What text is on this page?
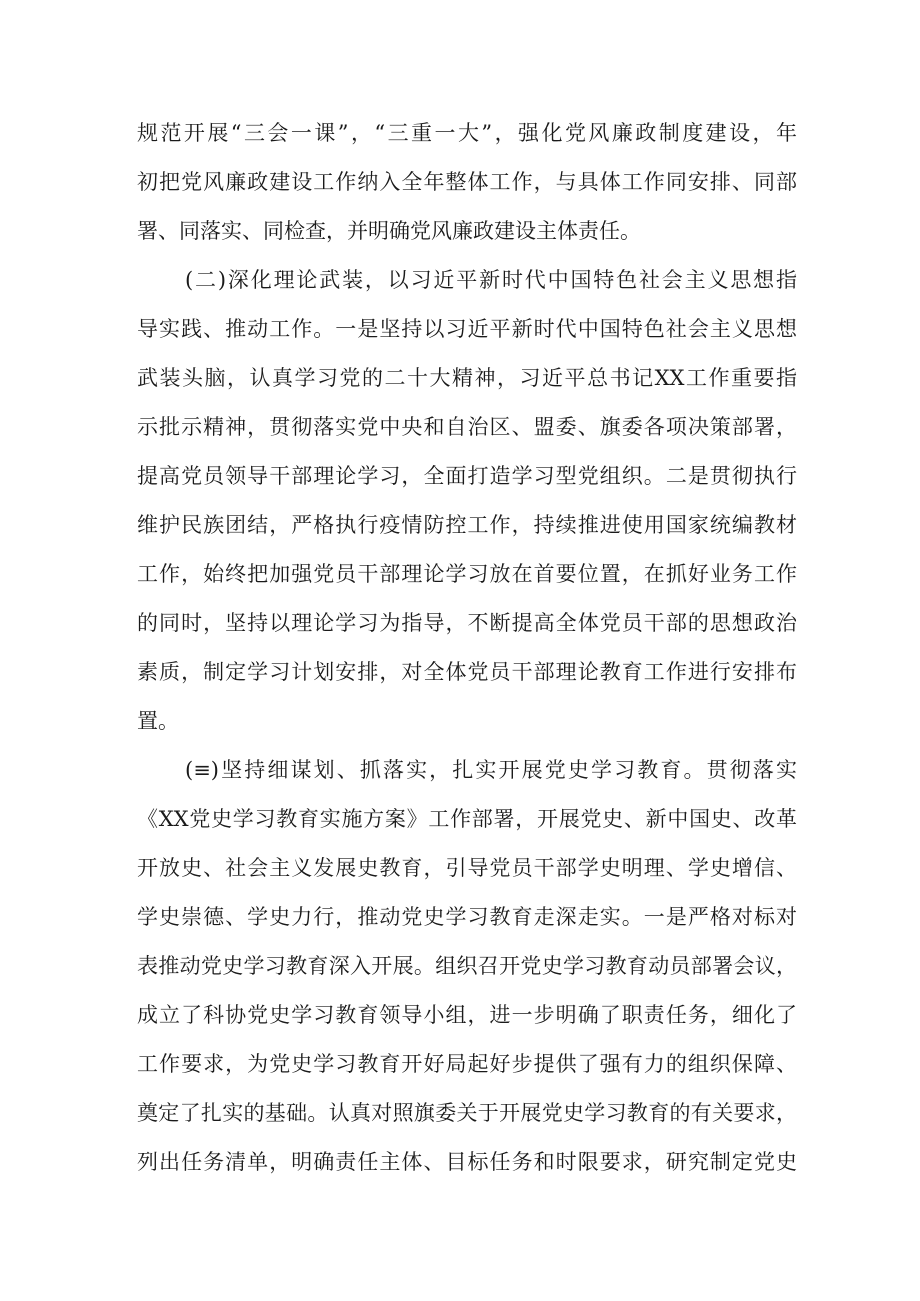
规范开展“三会一课”，“三重一大”，强化党风廉政制度建设，年
初把党风廉政建设工作纳入全年整体工作，与具体工作同安排、同部
署、同落实、同检查，并明确党风廉政建设主体责任。
(二)深化理论武装，以习近平新时代中国特色社会主义思想指
导实践、推动工作。一是坚持以习近平新时代中国特色社会主义思想
武装头脑，认真学习党的二十大精神，习近平总书记XX工作重要指
示批示精神，贯彻落实党中央和自治区、盟委、旗委各项决策部署，
提高党员领导干部理论学习，全面打造学习型党组织。二是贯彻执行
维护民族团结，严格执行疫情防控工作，持续推进使用国家统编教材
工作，始终把加强党员干部理论学习放在首要位置，在抓好业务工作
的同时，坚持以理论学习为指导，不断提高全体党员干部的思想政治
素质，制定学习计划安排，对全体党员干部理论教育工作进行安排布
置。
(≡)坚持细谋划、抓落实，扎实开展党史学习教育。贯彻落实
《XX党史学习教育实施方案》工作部署，开展党史、新中国史、改革
开放史、社会主义发展史教育，引导党员干部学史明理、学史增信、
学史崇德、学史力行，推动党史学习教育走深走实。一是严格对标对
表推动党史学习教育深入开展。组织召开党史学习教育动员部署会议，
成立了科协党史学习教育领导小组，进一步明确了职责任务，细化了
工作要求，为党史学习教育开好局起好步提供了强有力的组织保障、
奠定了扎实的基础。认真对照旗委关于开展党史学习教育的有关要求，
列出任务清单，明确责任主体、目标任务和时限要求，研究制定党史
